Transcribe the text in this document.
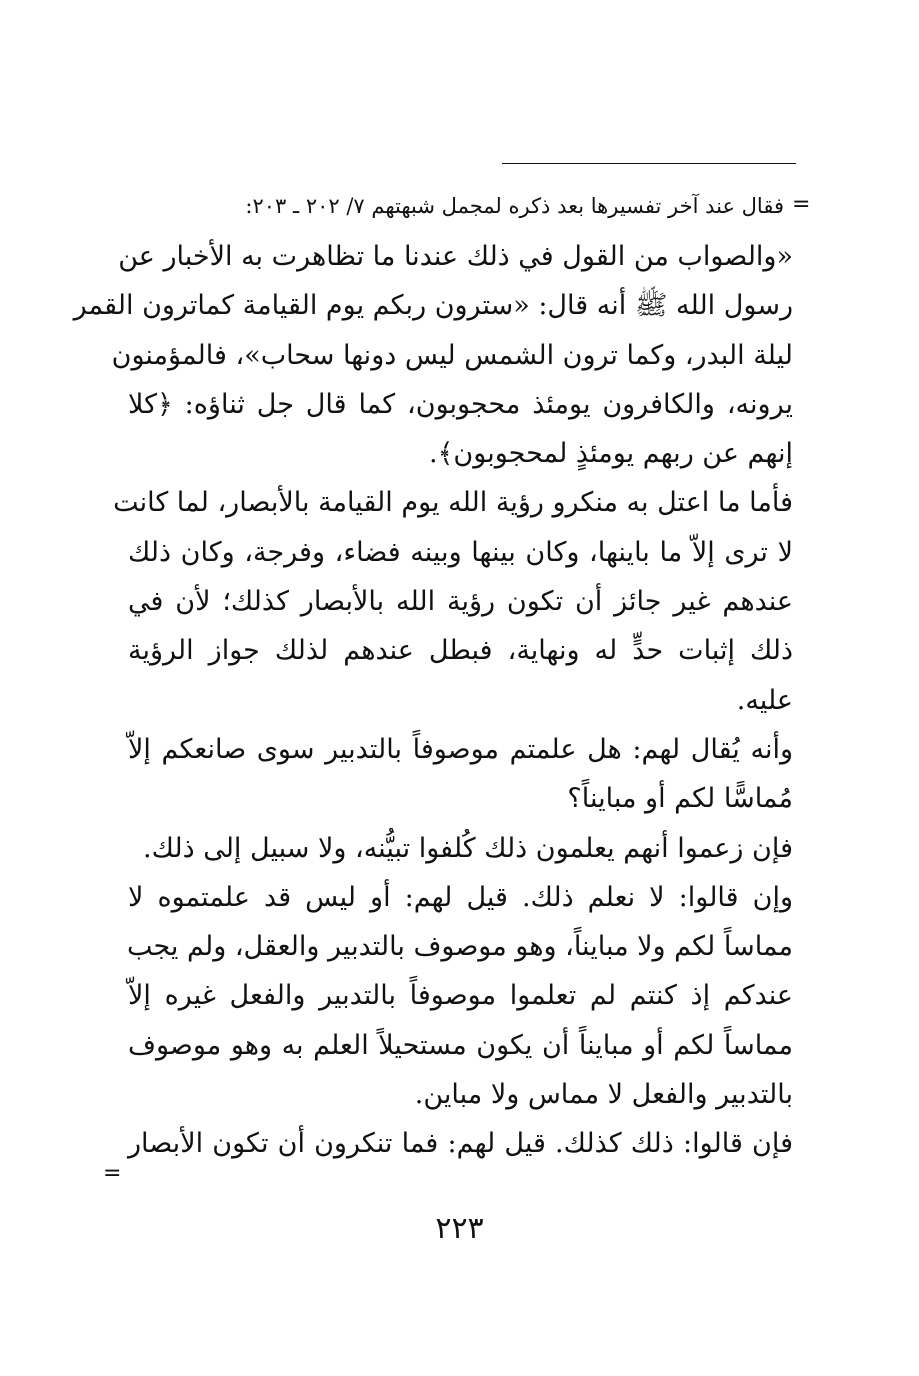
=
فقال عند آخر تفسيرها بعد ذكره لمجمل شبهتهم ٧/ ٢٠٢ ـ ٢٠٣:
«والصواب من القول في ذلك عندنا ما تظاهرت به الأخبار عن
رسول الله ﷺ أنه قال: «سترون ربكم يوم القيامة كماترون القمر
ليلة البدر، وكما ترون الشمس ليس دونها سحاب»، فالمؤمنون
يرونه، والكافرون يومئذ محجوبون، كما قال جل ثناؤه: ﴿كلا
إنهم عن ربهم يومئذٍ لمحجوبون﴾.
فأما ما اعتل به منكرو رؤية الله يوم القيامة بالأبصار، لما كانت
لا ترى إلاّ ما باينها، وكان بينها وبينه فضاء، وفرجة، وكان ذلك
عندهم غير جائز أن تكون رؤية الله بالأبصار كذلك؛ لأن في
ذلك إثبات حدٍّ له ونهاية، فبطل عندهم لذلك جواز الرؤية
عليه.
وأنه يُقال لهم: هل علمتم موصوفاً بالتدبير سوى صانعكم إلاّ
مُماسًّا لكم أو مبايناً؟
فإن زعموا أنهم يعلمون ذلك كُلفوا تبيُّنه، ولا سبيل إلى ذلك.
وإن قالوا: لا نعلم ذلك. قيل لهم: أو ليس قد علمتموه لا
مماساً لكم ولا مبايناً، وهو موصوف بالتدبير والعقل، ولم يجب
عندكم إذ كنتم لم تعلموا موصوفاً بالتدبير والفعل غيره إلاّ
مماساً لكم أو مبايناً أن يكون مستحيلاً العلم به وهو موصوف
بالتدبير والفعل لا مماس ولا مباين.
فإن قالوا: ذلك كذلك. قيل لهم: فما تنكرون أن تكون الأبصار
=
٢٢٣
